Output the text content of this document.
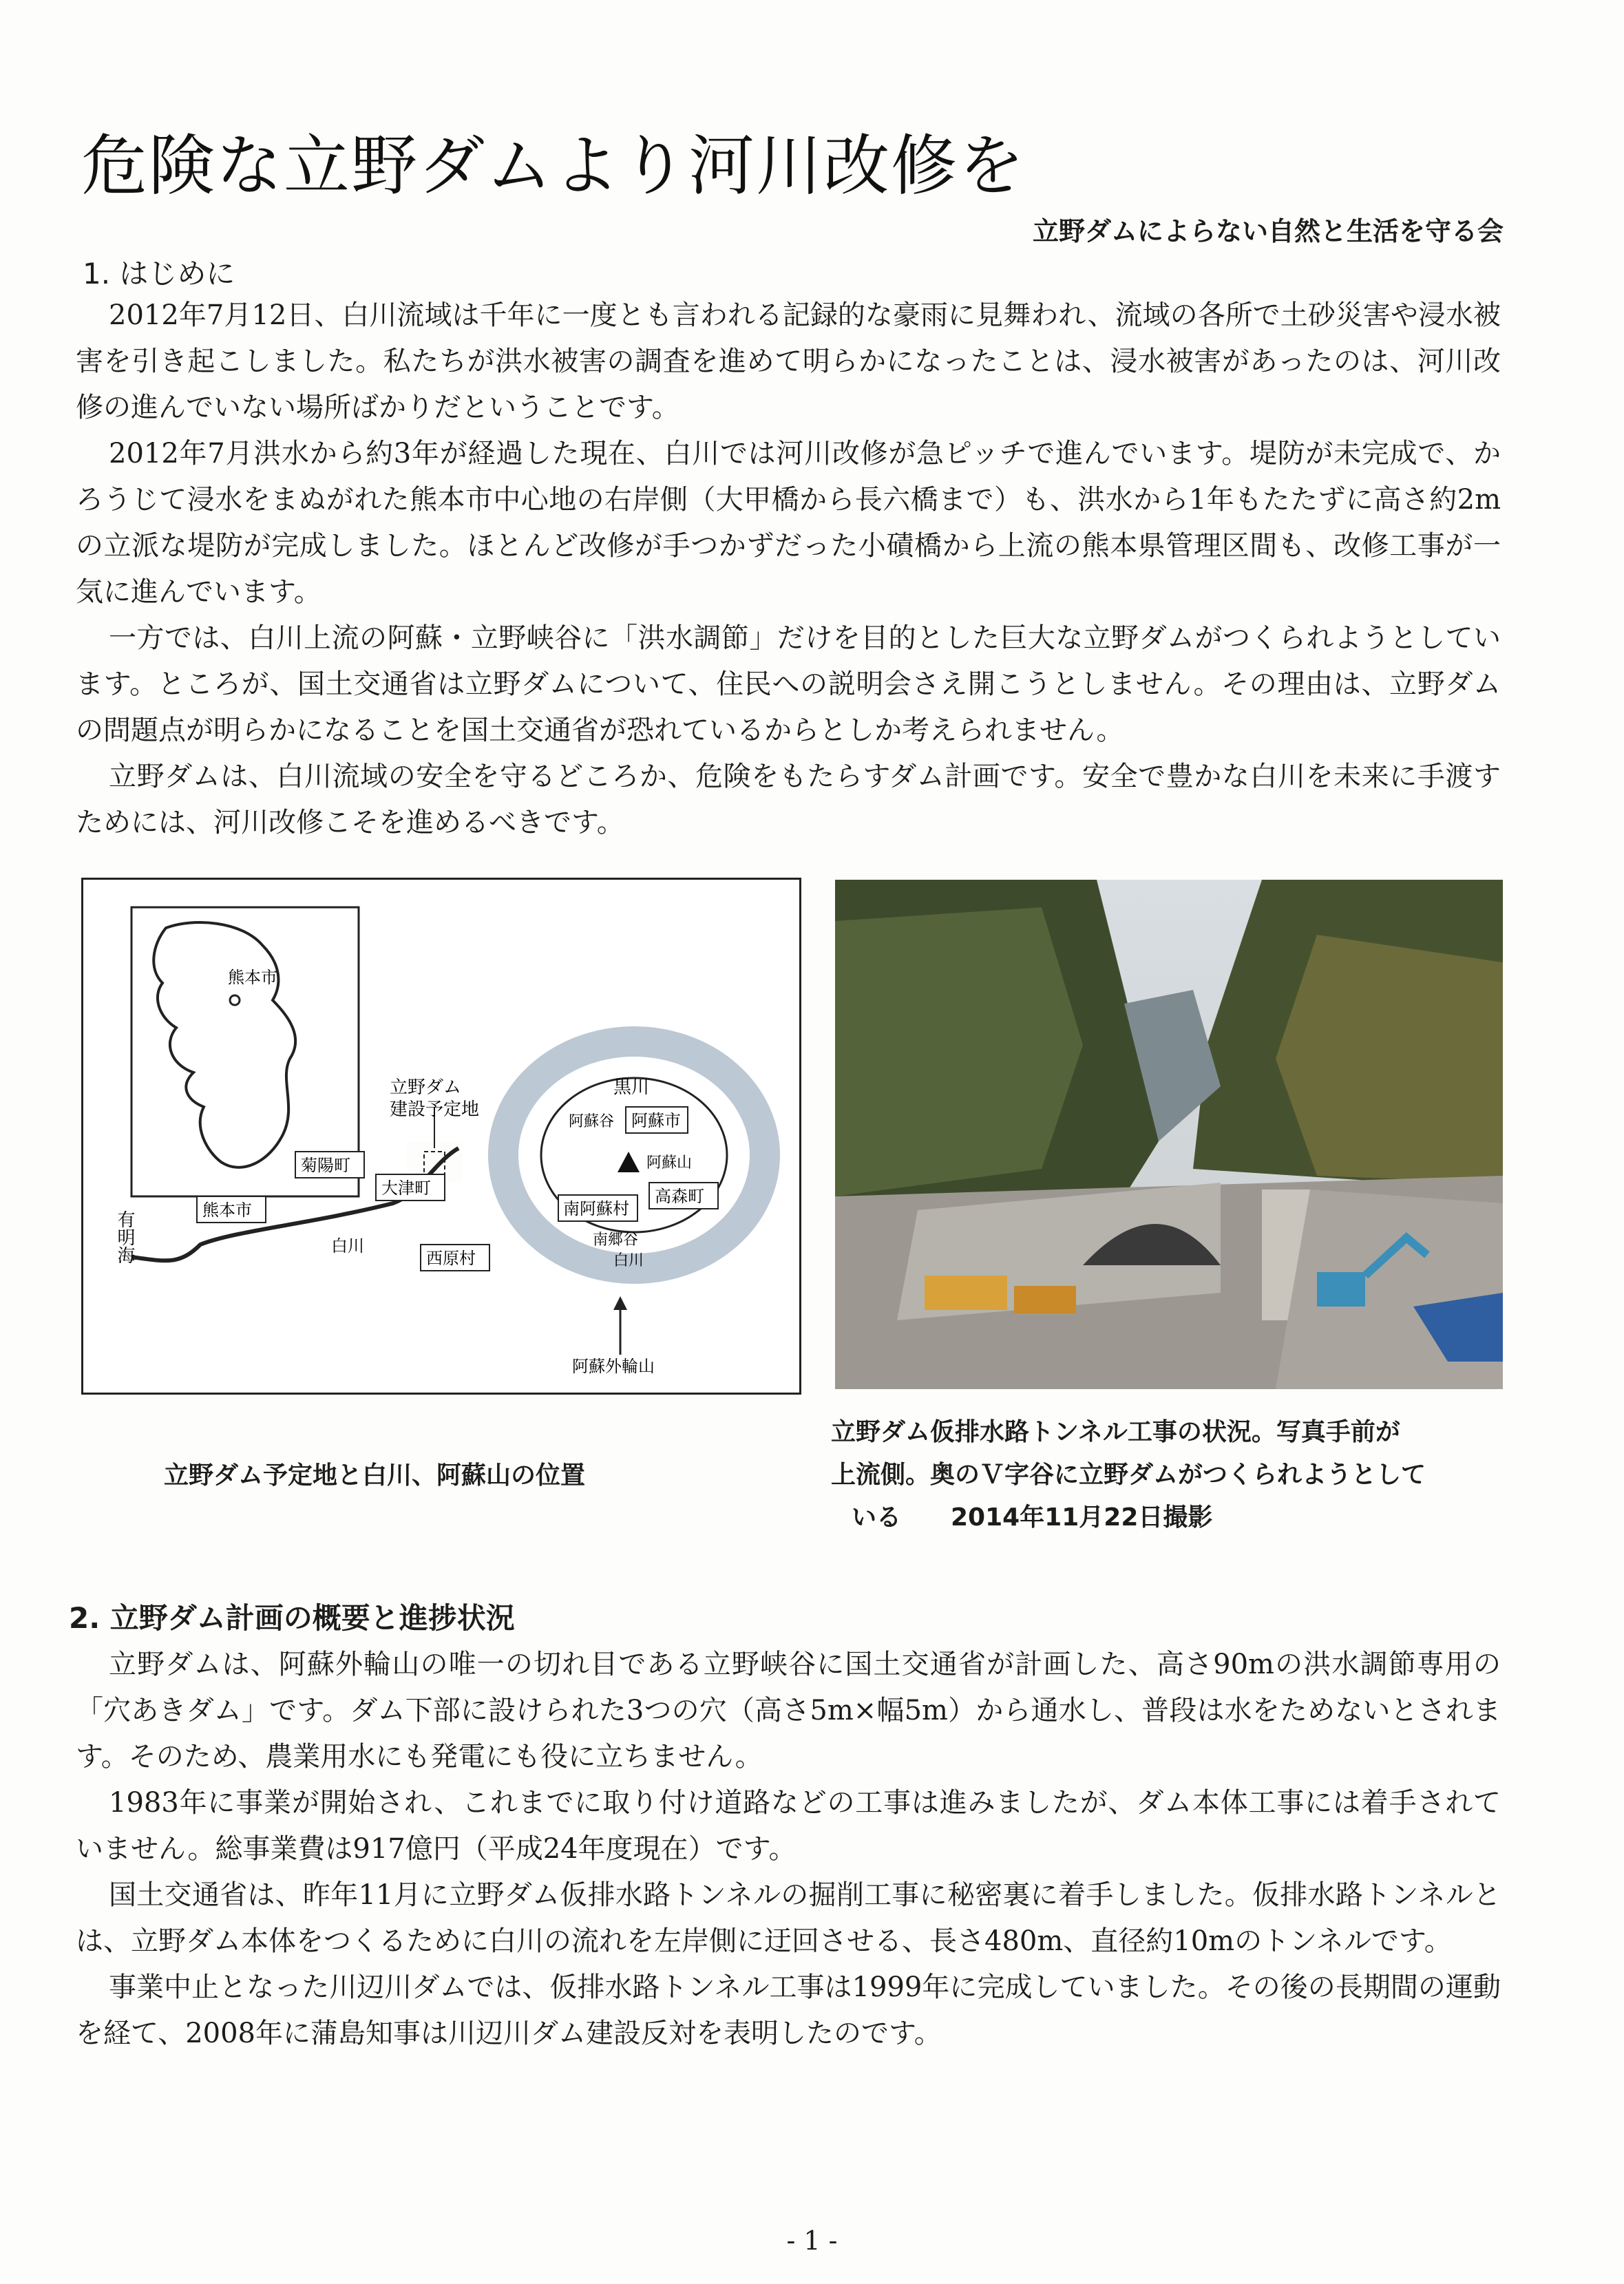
危険な立野ダムより河川改修を
立野ダムによらない自然と生活を守る会
1. はじめに

2012年7月12日、白川流域は千年に一度とも言われる記録的な豪雨に見舞われ、流域の各所で土砂災害や浸水被害を引き起こしました。私たちが洪水被害の調査を進めて明らかになったことは、浸水被害があったのは、河川改修の進んでいない場所ばかりだということです。

2012年7月洪水から約3年が経過した現在、白川では河川改修が急ピッチで進んでいます。堤防が未完成で、かろうじて浸水をまぬがれた熊本市中心地の右岸側（大甲橋から長六橋まで）も、洪水から1年もたたずに高さ約2mの立派な堤防が完成しました。ほとんど改修が手つかずだった小磧橋から上流の熊本県管理区間も、改修工事が一気に進んでいます。

一方では、白川上流の阿蘇・立野峡谷に「洪水調節」だけを目的とした巨大な立野ダムがつくられようとしています。ところが、国土交通省は立野ダムについて、住民への説明会さえ開こうとしません。その理由は、立野ダムの問題点が明らかになることを国土交通省が恐れているからとしか考えられません。

立野ダムは、白川流域の安全を守るどころか、危険をもたらすダム計画です。安全で豊かな白川を未来に手渡すためには、河川改修こそを進めるべきです。

熊本市
立野ダム
建設予定地
黒川
阿蘇谷 阿蘇市
阿蘇山
菊陽町
大津町
熊本市	南阿蘇村
高森町
南郷谷
白川
白川
西原村
有明海
阿蘇外輪山
立野ダム予定地と白川、阿蘇山の位置
立野ダム仮排水路トンネル工事の状況。写真手前が
上流側。奥のＶ字谷に立野ダムがつくられようとして
いる　　2014年11月22日撮影
2. 立野ダム計画の概要と進捗状況

立野ダムは、阿蘇外輪山の唯一の切れ目である立野峡谷に国土交通省が計画した、高さ90mの洪水調節専用の「穴あきダム」です。ダム下部に設けられた3つの穴（高さ5m×幅5m）から通水し、普段は水をためないとされます。そのため、農業用水にも発電にも役に立ちません。

1983年に事業が開始され、これまでに取り付け道路などの工事は進みましたが、ダム本体工事には着手されていません。総事業費は917億円（平成24年度現在）です。

国土交通省は、昨年11月に立野ダム仮排水路トンネルの掘削工事に秘密裏に着手しました。仮排水路トンネルとは、立野ダム本体をつくるために白川の流れを左岸側に迂回させる、長さ480m、直径約10mのトンネルです。

事業中止となった川辺川ダムでは、仮排水路トンネル工事は1999年に完成していました。その後の長期間の運動を経て、2008年に蒲島知事は川辺川ダム建設反対を表明したのです。

- 1 -
